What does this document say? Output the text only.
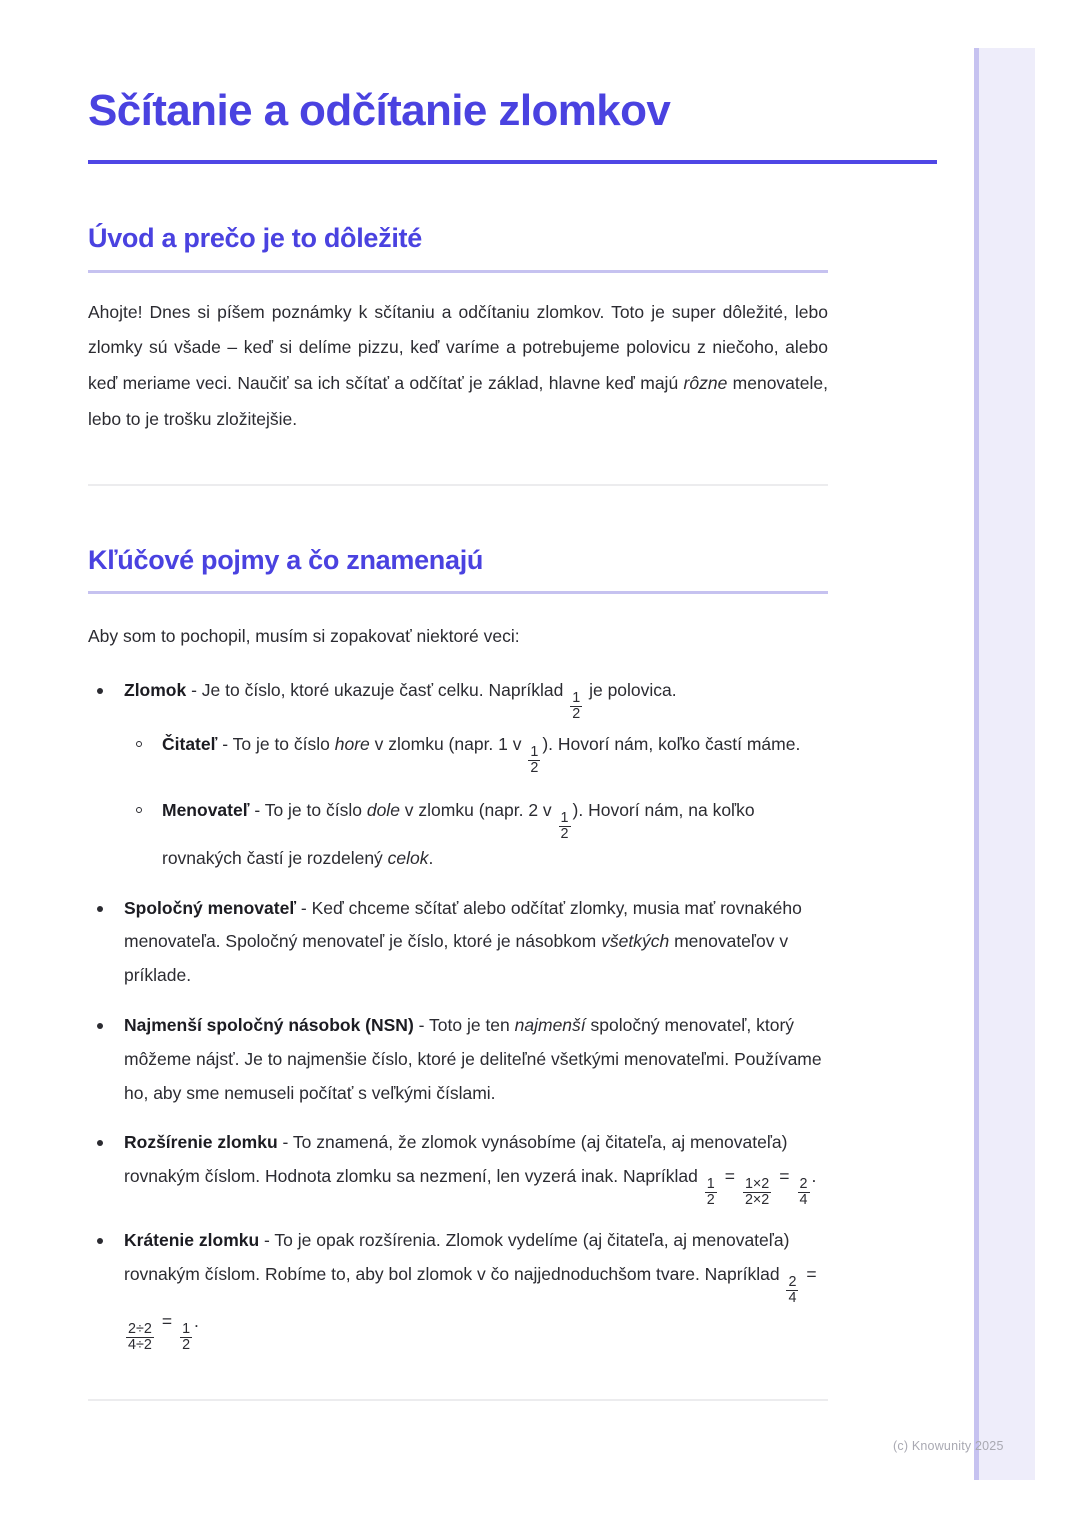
Sčítanie a odčítanie zlomkov
Úvod a prečo je to dôležité

Ahojte! Dnes si píšem poznámky k sčítaniu a odčítaniu zlomkov. Toto je super dôležité, lebo zlomky sú všade – keď si delíme pizzu, keď varíme a potrebujeme polovicu z niečoho, alebo keď meriame veci. Naučiť sa ich sčítať a odčítať je základ, hlavne keď majú rôzne menovatele, lebo to je trošku zložitejšie.

Kľúčové pojmy a čo znamenajú

Aby som to pochopil, musím si zopakovať niektoré veci:

Zlomok - Je to číslo, ktoré ukazuje časť celku. Napríklad
$\frac{1}{2}$
je polovica.
Čitateľ - To je to číslo hore v zlomku (napr. 1 v
$\frac{1}{2}$
). Hovorí nám, koľko častí máme.
Menovateľ - To je to číslo dole v zlomku (napr. 2 v
$\frac{1}{2}$
). Hovorí nám, na koľko rovnakých častí je rozdelený celok.
Spoločný menovateľ - Keď chceme sčítať alebo odčítať zlomky, musia mať rovnakého menovateľa. Spoločný menovateľ je číslo, ktoré je násobkom všetkých menovateľov v príklade.
Najmenší spoločný násobok (NSN) - Toto je ten najmenší spoločný menovateľ, ktorý môžeme nájsť. Je to najmenšie číslo, ktoré je deliteľné všetkými menovateľmi. Používame ho, aby sme nemuseli počítať s veľkými číslami.
Rozšírenie zlomku - To znamená, že zlomok vynásobíme (aj čitateľa, aj menovateľa) rovnakým číslom. Hodnota zlomku sa nezmení, len vyzerá inak. Napríklad
$\frac{1}{2}$
=
$\frac{1\times 2}{2\times 2}$
=
$\frac{2}{4}$
.
Krátenie zlomku - To je opak rozšírenia. Zlomok vydelíme (aj čitateľa, aj menovateľa) rovnakým číslom. Robíme to, aby bol zlomok v čo najjednoduchšom tvare. Napríklad
$\frac{2}{4}$
=
$\frac{2\div 2}{4\div 2}$
=
$\frac{1}{2}$
.
(c) Knowunity 2025
